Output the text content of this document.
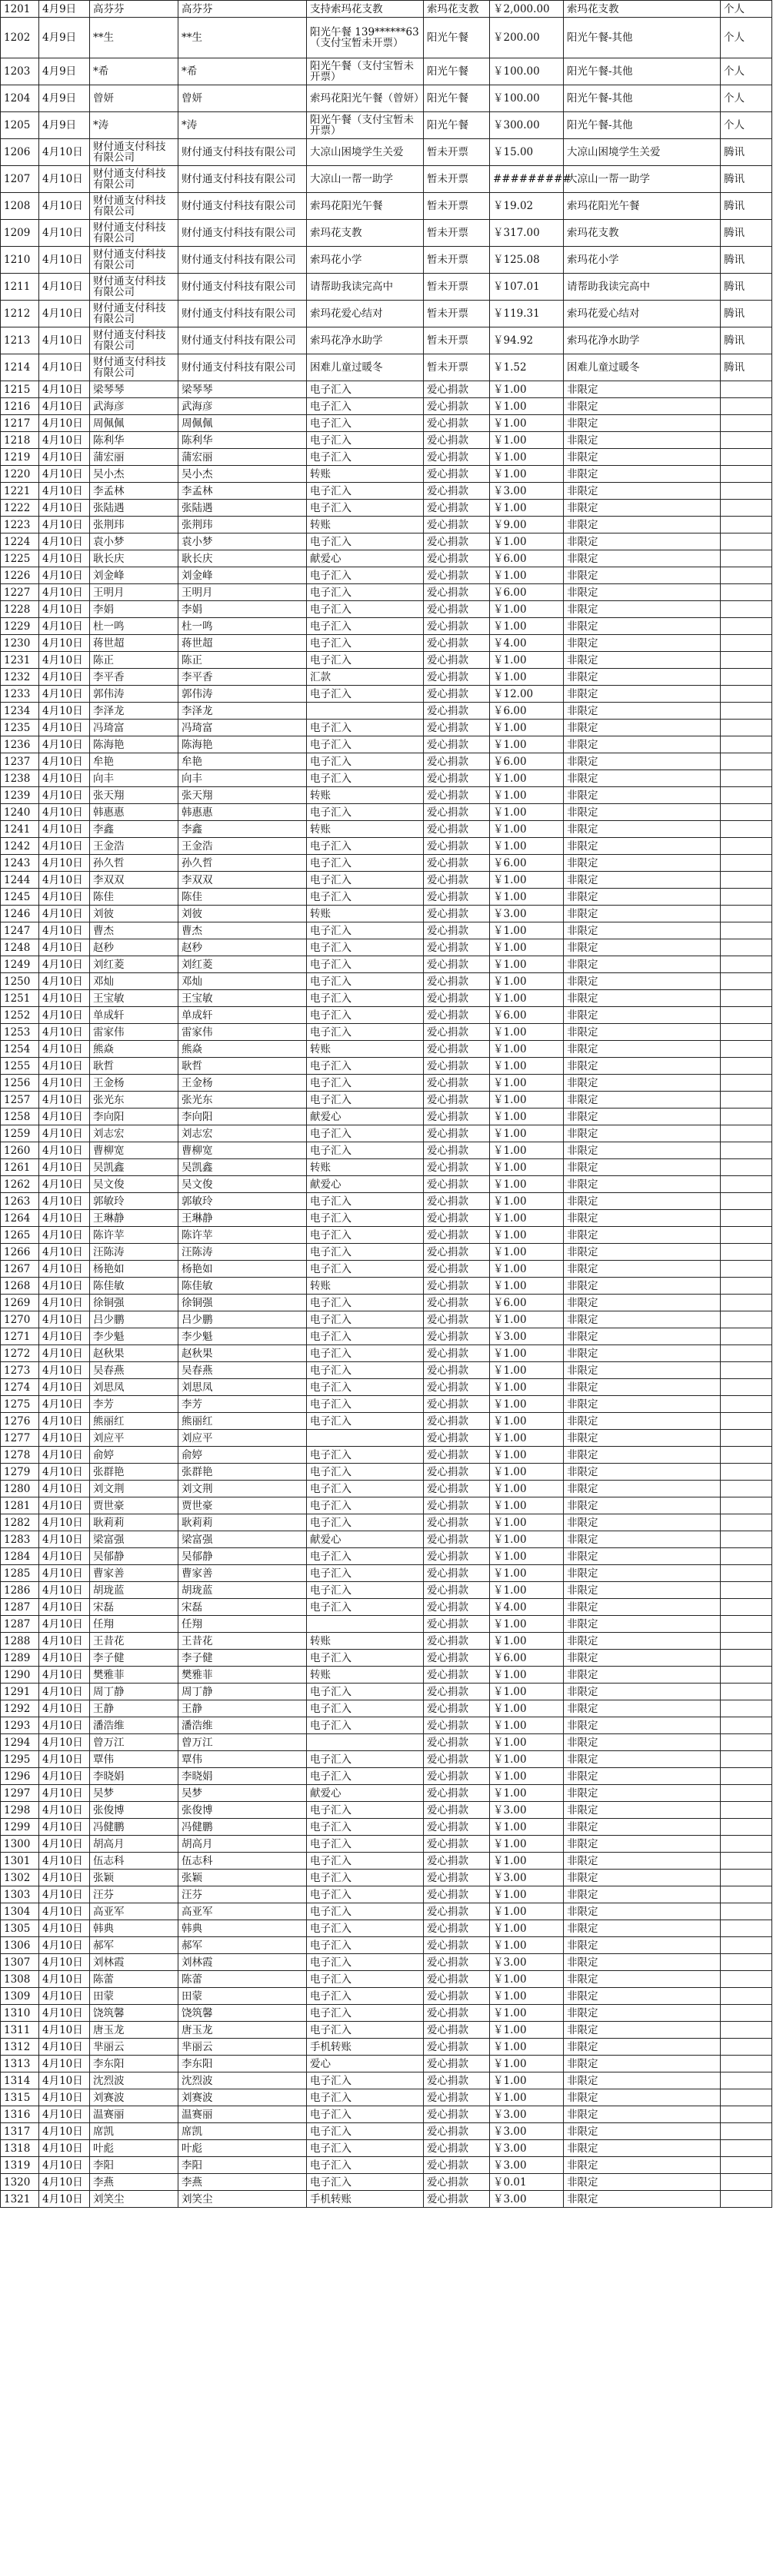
1201	4月9日	高芬芬	高芬芬	支持索玛花支教	索玛花支教	￥2,000.00	索玛花支教	个人
1202	4月9日	**生	**生	阳光午餐 139******63（支付宝暂未开票）	阳光午餐	￥200.00	阳光午餐-其他	个人
1203	4月9日	*希	*希	阳光午餐（支付宝暂未开票）	阳光午餐	￥100.00	阳光午餐-其他	个人
1204	4月9日	曾妍	曾妍	索玛花阳光午餐（曾妍）	阳光午餐	￥100.00	阳光午餐-其他	个人
1205	4月9日	*涛	*涛	阳光午餐（支付宝暂未开票）	阳光午餐	￥300.00	阳光午餐-其他	个人
1206	4月10日	财付通支付科技有限公司	财付通支付科技有限公司	大凉山困境学生关爱	暂未开票	￥15.00	大凉山困境学生关爱	腾讯
1207	4月10日	财付通支付科技有限公司	财付通支付科技有限公司	大凉山一帮一助学	暂未开票	#########	大凉山一帮一助学	腾讯
1208	4月10日	财付通支付科技有限公司	财付通支付科技有限公司	索玛花阳光午餐	暂未开票	￥19.02	索玛花阳光午餐	腾讯
1209	4月10日	财付通支付科技有限公司	财付通支付科技有限公司	索玛花支教	暂未开票	￥317.00	索玛花支教	腾讯
1210	4月10日	财付通支付科技有限公司	财付通支付科技有限公司	索玛花小学	暂未开票	￥125.08	索玛花小学	腾讯
1211	4月10日	财付通支付科技有限公司	财付通支付科技有限公司	请帮助我读完高中	暂未开票	￥107.01	请帮助我读完高中	腾讯
1212	4月10日	财付通支付科技有限公司	财付通支付科技有限公司	索玛花爱心结对	暂未开票	￥119.31	索玛花爱心结对	腾讯
1213	4月10日	财付通支付科技有限公司	财付通支付科技有限公司	索玛花净水助学	暂未开票	￥94.92	索玛花净水助学	腾讯
1214	4月10日	财付通支付科技有限公司	财付通支付科技有限公司	困难儿童过暖冬	暂未开票	￥1.52	困难儿童过暖冬	腾讯
1215	4月10日	梁琴琴	梁琴琴	电子汇入	爱心捐款	￥1.00	非限定	
1216	4月10日	武海彦	武海彦	电子汇入	爱心捐款	￥1.00	非限定	
1217	4月10日	周佩佩	周佩佩	电子汇入	爱心捐款	￥1.00	非限定	
1218	4月10日	陈利华	陈利华	电子汇入	爱心捐款	￥1.00	非限定	
1219	4月10日	蒲宏丽	蒲宏丽	电子汇入	爱心捐款	￥1.00	非限定	
1220	4月10日	吴小杰	吴小杰	转账	爱心捐款	￥1.00	非限定	
1221	4月10日	李孟林	李孟林	电子汇入	爱心捐款	￥3.00	非限定	
1222	4月10日	张陆遇	张陆遇	电子汇入	爱心捐款	￥1.00	非限定	
1223	4月10日	张荆玮	张荆玮	转账	爱心捐款	￥9.00	非限定	
1224	4月10日	袁小梦	袁小梦	电子汇入	爱心捐款	￥1.00	非限定	
1225	4月10日	耿长庆	耿长庆	献爱心	爱心捐款	￥6.00	非限定	
1226	4月10日	刘金峰	刘金峰	电子汇入	爱心捐款	￥1.00	非限定	
1227	4月10日	王明月	王明月	电子汇入	爱心捐款	￥6.00	非限定	
1228	4月10日	李娟	李娟	电子汇入	爱心捐款	￥1.00	非限定	
1229	4月10日	杜一鸣	杜一鸣	电子汇入	爱心捐款	￥1.00	非限定	
1230	4月10日	蒋世超	蒋世超	电子汇入	爱心捐款	￥4.00	非限定	
1231	4月10日	陈正	陈正	电子汇入	爱心捐款	￥1.00	非限定	
1232	4月10日	李平香	李平香	汇款	爱心捐款	￥1.00	非限定	
1233	4月10日	郭伟涛	郭伟涛	电子汇入	爱心捐款	￥12.00	非限定	
1234	4月10日	李泽龙	李泽龙		爱心捐款	￥6.00	非限定	
1235	4月10日	冯琦富	冯琦富	电子汇入	爱心捐款	￥1.00	非限定	
1236	4月10日	陈海艳	陈海艳	电子汇入	爱心捐款	￥1.00	非限定	
1237	4月10日	牟艳	牟艳	电子汇入	爱心捐款	￥6.00	非限定	
1238	4月10日	向丰	向丰	电子汇入	爱心捐款	￥1.00	非限定	
1239	4月10日	张天翔	张天翔	转账	爱心捐款	￥1.00	非限定	
1240	4月10日	韩惠惠	韩惠惠	电子汇入	爱心捐款	￥1.00	非限定	
1241	4月10日	李鑫	李鑫	转账	爱心捐款	￥1.00	非限定	
1242	4月10日	王金浩	王金浩	电子汇入	爱心捐款	￥1.00	非限定	
1243	4月10日	孙久哲	孙久哲	电子汇入	爱心捐款	￥6.00	非限定	
1244	4月10日	李双双	李双双	电子汇入	爱心捐款	￥1.00	非限定	
1245	4月10日	陈佳	陈佳	电子汇入	爱心捐款	￥1.00	非限定	
1246	4月10日	刘彼	刘彼	转账	爱心捐款	￥3.00	非限定	
1247	4月10日	曹杰	曹杰	电子汇入	爱心捐款	￥1.00	非限定	
1248	4月10日	赵秒	赵秒	电子汇入	爱心捐款	￥1.00	非限定	
1249	4月10日	刘红菱	刘红菱	电子汇入	爱心捐款	￥1.00	非限定	
1250	4月10日	邓灿	邓灿	电子汇入	爱心捐款	￥1.00	非限定	
1251	4月10日	王宝敏	王宝敏	电子汇入	爱心捐款	￥1.00	非限定	
1252	4月10日	单成轩	单成轩	电子汇入	爱心捐款	￥6.00	非限定	
1253	4月10日	雷家伟	雷家伟	电子汇入	爱心捐款	￥1.00	非限定	
1254	4月10日	熊焱	熊焱	转账	爱心捐款	￥1.00	非限定	
1255	4月10日	耿哲	耿哲	电子汇入	爱心捐款	￥1.00	非限定	
1256	4月10日	王金杨	王金杨	电子汇入	爱心捐款	￥1.00	非限定	
1257	4月10日	张光东	张光东	电子汇入	爱心捐款	￥1.00	非限定	
1258	4月10日	李向阳	李向阳	献爱心	爱心捐款	￥1.00	非限定	
1259	4月10日	刘志宏	刘志宏	电子汇入	爱心捐款	￥1.00	非限定	
1260	4月10日	曹柳宽	曹柳宽	电子汇入	爱心捐款	￥1.00	非限定	
1261	4月10日	吴凯鑫	吴凯鑫	转账	爱心捐款	￥1.00	非限定	
1262	4月10日	吴文俊	吴文俊	献爱心	爱心捐款	￥1.00	非限定	
1263	4月10日	郭敏玲	郭敏玲	电子汇入	爱心捐款	￥1.00	非限定	
1264	4月10日	王琳静	王琳静	电子汇入	爱心捐款	￥1.00	非限定	
1265	4月10日	陈许苹	陈许苹	电子汇入	爱心捐款	￥1.00	非限定	
1266	4月10日	汪陈涛	汪陈涛	电子汇入	爱心捐款	￥1.00	非限定	
1267	4月10日	杨艳如	杨艳如	电子汇入	爱心捐款	￥1.00	非限定	
1268	4月10日	陈佳敏	陈佳敏	转账	爱心捐款	￥1.00	非限定	
1269	4月10日	徐铜强	徐铜强	电子汇入	爱心捐款	￥6.00	非限定	
1270	4月10日	吕少鹏	吕少鹏	电子汇入	爱心捐款	￥1.00	非限定	
1271	4月10日	李少魁	李少魁	电子汇入	爱心捐款	￥3.00	非限定	
1272	4月10日	赵秋果	赵秋果	电子汇入	爱心捐款	￥1.00	非限定	
1273	4月10日	吴春燕	吴春燕	电子汇入	爱心捐款	￥1.00	非限定	
1274	4月10日	刘思凤	刘思凤	电子汇入	爱心捐款	￥1.00	非限定	
1275	4月10日	李芳	李芳	电子汇入	爱心捐款	￥1.00	非限定	
1276	4月10日	熊丽红	熊丽红	电子汇入	爱心捐款	￥1.00	非限定	
1277	4月10日	刘应平	刘应平		爱心捐款	￥1.00	非限定	
1278	4月10日	俞婷	俞婷	电子汇入	爱心捐款	￥1.00	非限定	
1279	4月10日	张群艳	张群艳	电子汇入	爱心捐款	￥1.00	非限定	
1280	4月10日	刘文荆	刘文荆	电子汇入	爱心捐款	￥1.00	非限定	
1281	4月10日	贾世豪	贾世豪	电子汇入	爱心捐款	￥1.00	非限定	
1282	4月10日	耿莉莉	耿莉莉	电子汇入	爱心捐款	￥1.00	非限定	
1283	4月10日	梁富强	梁富强	献爱心	爱心捐款	￥1.00	非限定	
1284	4月10日	吴郁静	吴郁静	电子汇入	爱心捐款	￥1.00	非限定	
1285	4月10日	曹家善	曹家善	电子汇入	爱心捐款	￥1.00	非限定	
1286	4月10日	胡珑蓝	胡珑蓝	电子汇入	爱心捐款	￥1.00	非限定	
1287	4月10日	宋磊	宋磊	电子汇入	爱心捐款	￥4.00	非限定	
1287	4月10日	任翔	任翔		爱心捐款	￥1.00	非限定	
1288	4月10日	王昔花	王昔花	转账	爱心捐款	￥1.00	非限定	
1289	4月10日	李子健	李子健	电子汇入	爱心捐款	￥6.00	非限定	
1290	4月10日	樊雅菲	樊雅菲	转账	爱心捐款	￥1.00	非限定	
1291	4月10日	周丁静	周丁静	电子汇入	爱心捐款	￥1.00	非限定	
1292	4月10日	王静	王静	电子汇入	爱心捐款	￥1.00	非限定	
1293	4月10日	潘浩维	潘浩维	电子汇入	爱心捐款	￥1.00	非限定	
1294	4月10日	曾万江	曾万江		爱心捐款	￥1.00	非限定	
1295	4月10日	覃伟	覃伟	电子汇入	爱心捐款	￥1.00	非限定	
1296	4月10日	李晓娟	李晓娟	电子汇入	爱心捐款	￥1.00	非限定	
1297	4月10日	吴梦	吴梦	献爱心	爱心捐款	￥1.00	非限定	
1298	4月10日	张俊博	张俊博	电子汇入	爱心捐款	￥3.00	非限定	
1299	4月10日	冯健鹏	冯健鹏	电子汇入	爱心捐款	￥1.00	非限定	
1300	4月10日	胡高月	胡高月	电子汇入	爱心捐款	￥1.00	非限定	
1301	4月10日	伍志科	伍志科	电子汇入	爱心捐款	￥1.00	非限定	
1302	4月10日	张颖	张颖	电子汇入	爱心捐款	￥3.00	非限定	
1303	4月10日	汪芬	汪芬	电子汇入	爱心捐款	￥1.00	非限定	
1304	4月10日	高亚军	高亚军	电子汇入	爱心捐款	￥1.00	非限定	
1305	4月10日	韩典	韩典	电子汇入	爱心捐款	￥1.00	非限定	
1306	4月10日	郝军	郝军	电子汇入	爱心捐款	￥1.00	非限定	
1307	4月10日	刘林霞	刘林霞	电子汇入	爱心捐款	￥3.00	非限定	
1308	4月10日	陈蕾	陈蕾	电子汇入	爱心捐款	￥1.00	非限定	
1309	4月10日	田蒙	田蒙	电子汇入	爱心捐款	￥1.00	非限定	
1310	4月10日	饶筑馨	饶筑馨	电子汇入	爱心捐款	￥1.00	非限定	
1311	4月10日	唐玉龙	唐玉龙	电子汇入	爱心捐款	￥1.00	非限定	
1312	4月10日	芈丽云	芈丽云	手机转账	爱心捐款	￥1.00	非限定	
1313	4月10日	李东阳	李东阳	爱心	爱心捐款	￥1.00	非限定	
1314	4月10日	沈烈波	沈烈波	电子汇入	爱心捐款	￥1.00	非限定	
1315	4月10日	刘赛波	刘赛波	电子汇入	爱心捐款	￥1.00	非限定	
1316	4月10日	温赛丽	温赛丽	电子汇入	爱心捐款	￥3.00	非限定	
1317	4月10日	席凯	席凯	电子汇入	爱心捐款	￥3.00	非限定	
1318	4月10日	叶彪	叶彪	电子汇入	爱心捐款	￥3.00	非限定	
1319	4月10日	李阳	李阳	电子汇入	爱心捐款	￥3.00	非限定	
1320	4月10日	李燕	李燕	电子汇入	爱心捐款	￥0.01	非限定	
1321	4月10日	刘笑尘	刘笑尘	手机转账	爱心捐款	￥3.00	非限定	
